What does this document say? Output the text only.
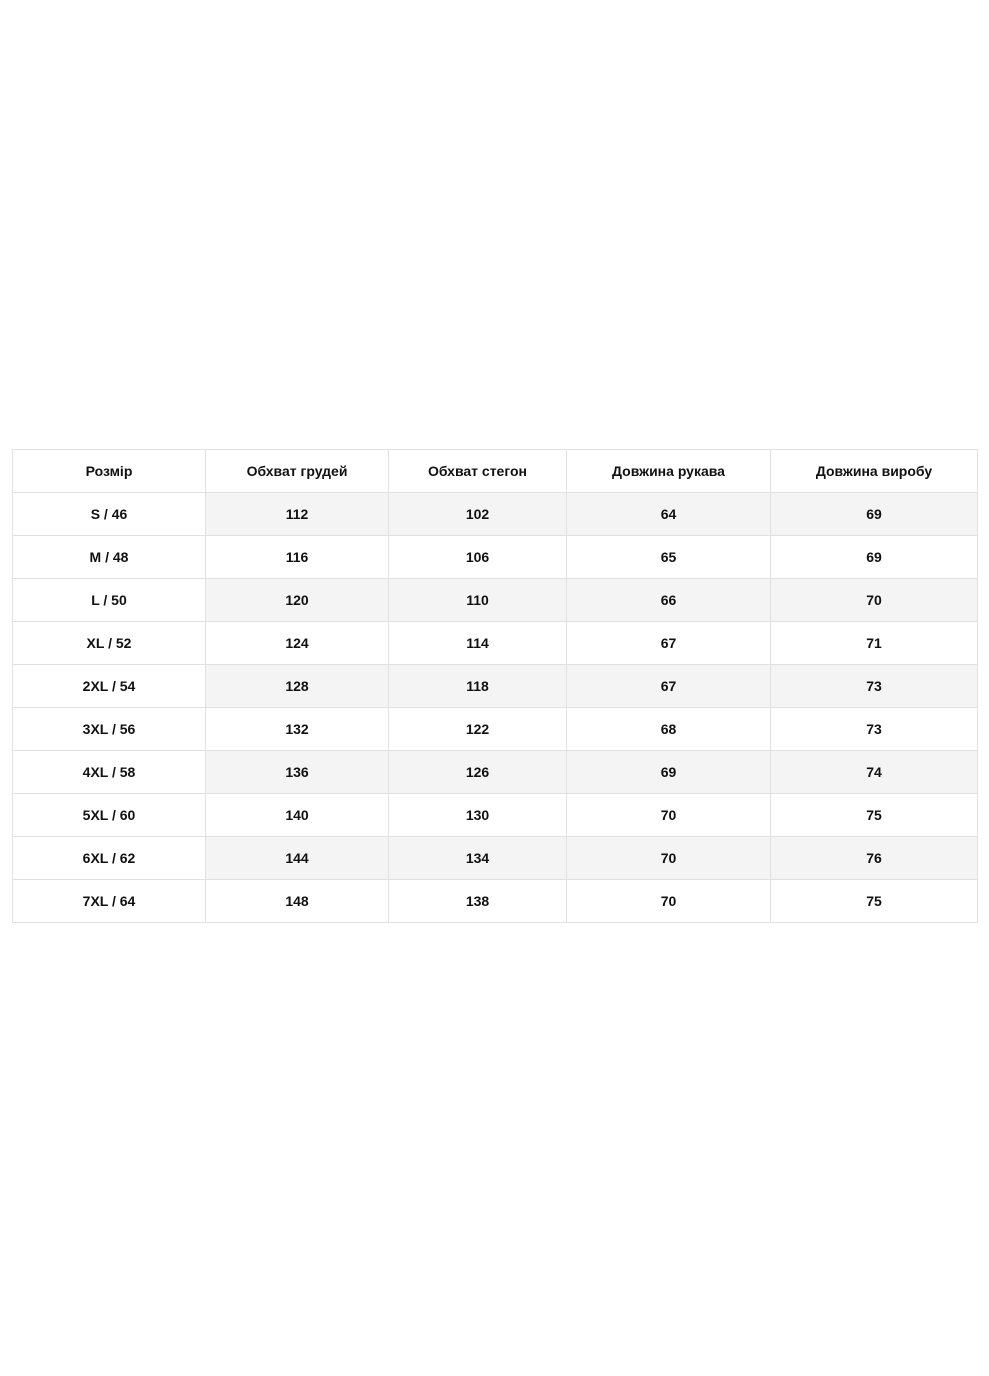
Розмір	Обхват грудей	Обхват стегон	Довжина рукава	Довжина виробу
S / 46	112	102	64	69
M / 48	116	106	65	69
L / 50	120	110	66	70
XL / 52	124	114	67	71
2XL / 54	128	118	67	73
3XL / 56	132	122	68	73
4XL / 58	136	126	69	74
5XL / 60	140	130	70	75
6XL / 62	144	134	70	76
7XL / 64	148	138	70	75
